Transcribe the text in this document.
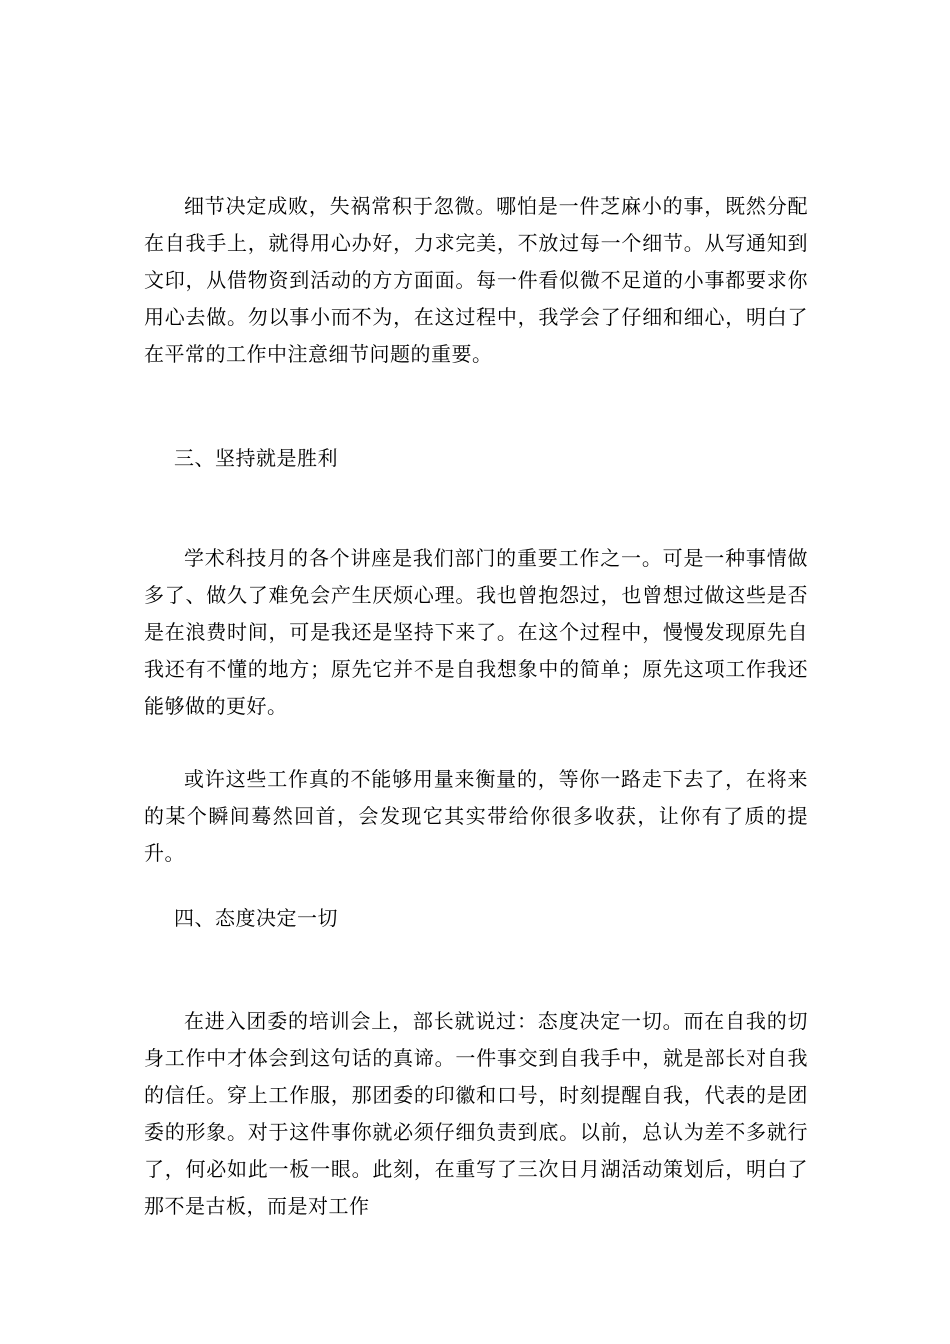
细节决定成败，失祸常积于忽微。哪怕是一件芝麻小的事，既然分配在自我手上，就得用心办好，力求完美，不放过每一个细节。从写通知到文印，从借物资到活动的方方面面。每一件看似微不足道的小事都要求你用心去做。勿以事小而不为，在这过程中，我学会了仔细和细心，明白了在平常的工作中注意细节问题的重要。

三、坚持就是胜利

学术科技月的各个讲座是我们部门的重要工作之一。可是一种事情做多了、做久了难免会产生厌烦心理。我也曾抱怨过，也曾想过做这些是否是在浪费时间，可是我还是坚持下来了。在这个过程中，慢慢发现原先自我还有不懂的地方；原先它并不是自我想象中的简单；原先这项工作我还能够做的更好。

或许这些工作真的不能够用量来衡量的，等你一路走下去了，在将来的某个瞬间蓦然回首，会发现它其实带给你很多收获，让你有了质的提升。

四、态度决定一切

在进入团委的培训会上，部长就说过：态度决定一切。而在自我的切身工作中才体会到这句话的真谛。一件事交到自我手中，就是部长对自我的信任。穿上工作服，那团委的印徽和口号，时刻提醒自我，代表的是团委的形象。对于这件事你就必须仔细负责到底。以前，总认为差不多就行了，何必如此一板一眼。此刻，在重写了三次日月湖活动策划后，明白了那不是古板，而是对工作
